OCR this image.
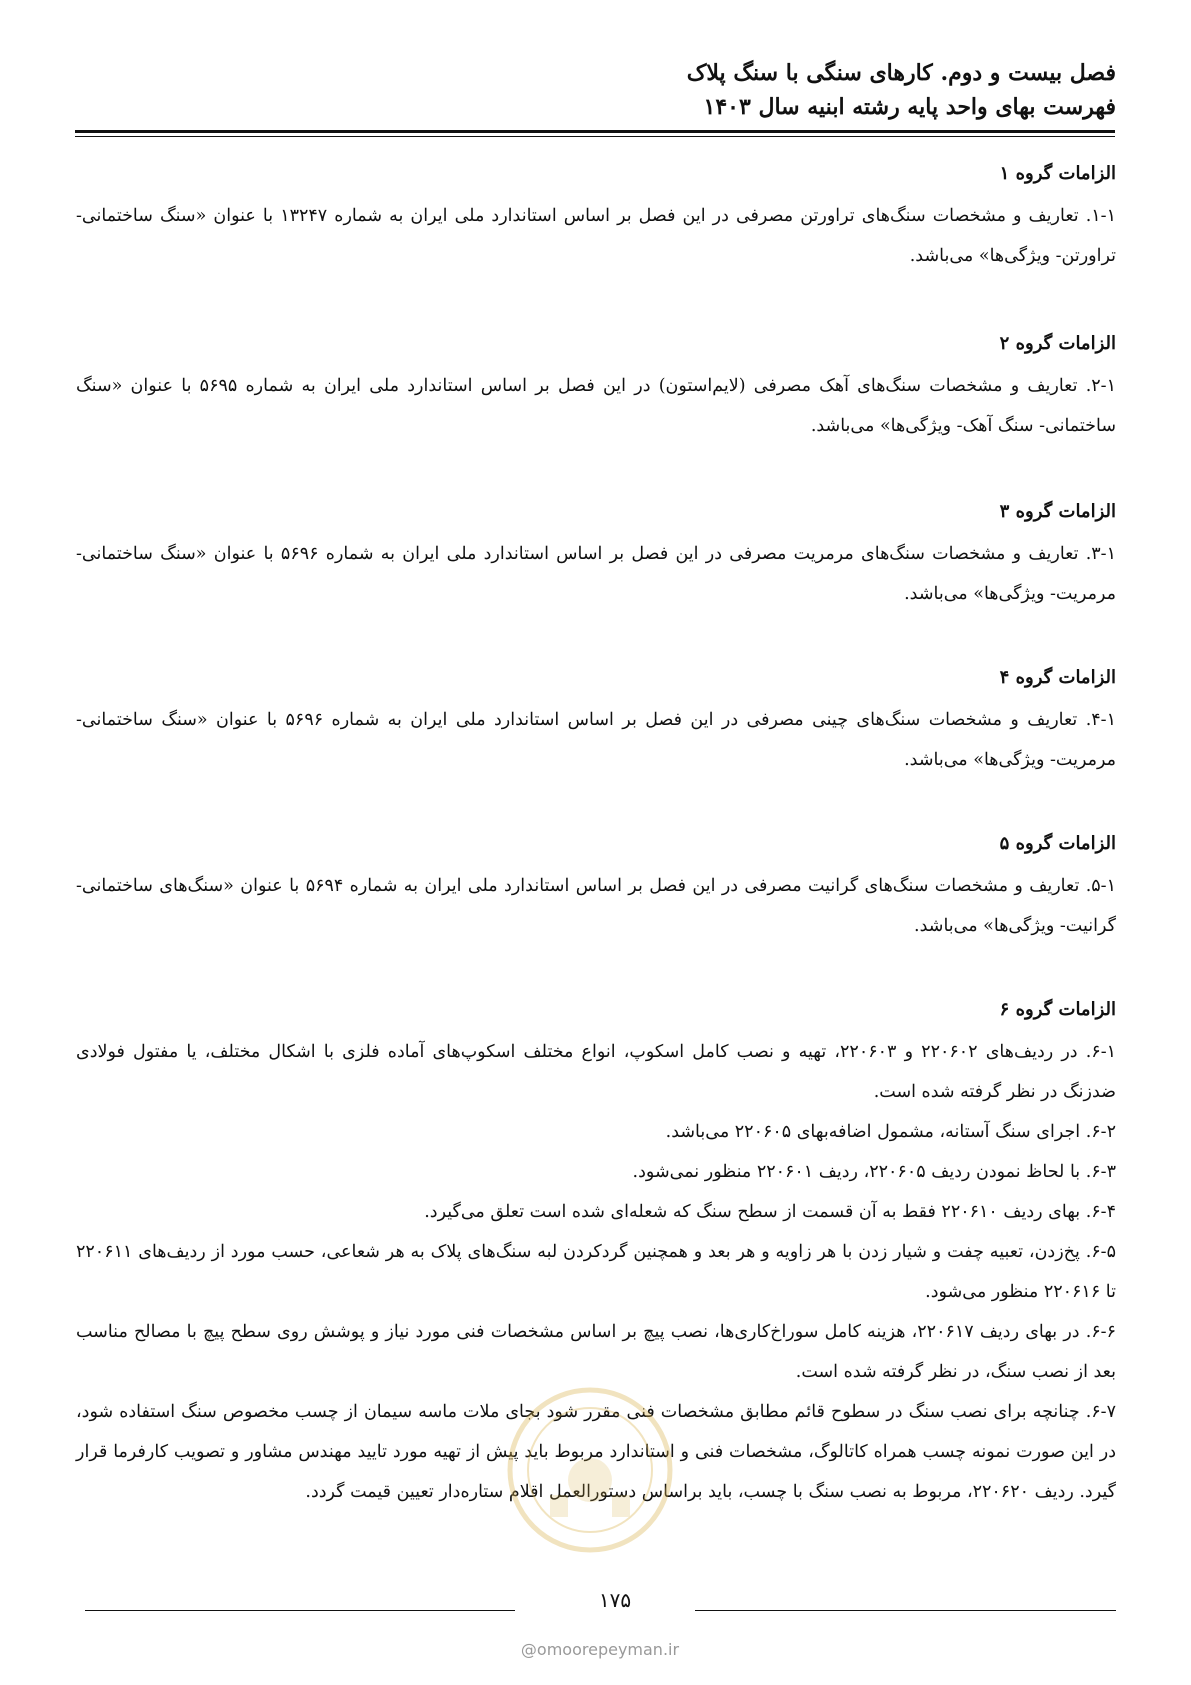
فصل بیست و دوم. کارهای سنگی با سنگ پلاک
فهرست بهای واحد پایه رشته ابنیه سال ۱۴۰۳
الزامات گروه ۱

۱-۱. تعاریف و مشخصات سنگ‌های تراورتن مصرفی در این فصل بر اساس استاندارد ملی ایران به شماره ۱۳۲۴۷ با عنوان «سنگ ساختمانی- تراورتن- ویژگی‌ها» می‌باشد.

الزامات گروه ۲

۲-۱. تعاریف و مشخصات سنگ‌های آهک مصرفی (لایم‌استون) در این فصل بر اساس استاندارد ملی ایران به شماره ۵۶۹۵ با عنوان «سنگ ساختمانی- سنگ آهک- ویژگی‌ها» می‌باشد.

الزامات گروه ۳

۳-۱. تعاریف و مشخصات سنگ‌های مرمریت مصرفی در این فصل بر اساس استاندارد ملی ایران به شماره ۵۶۹۶ با عنوان «سنگ ساختمانی-مرمریت- ویژگی‌ها» می‌باشد.

الزامات گروه ۴

۴-۱. تعاریف و مشخصات سنگ‌های چینی مصرفی در این فصل بر اساس استاندارد ملی ایران به شماره ۵۶۹۶ با عنوان «سنگ ساختمانی- مرمریت- ویژگی‌ها» می‌باشد.

الزامات گروه ۵

۵-۱. تعاریف و مشخصات سنگ‌های گرانیت مصرفی در این فصل بر اساس استاندارد ملی ایران به شماره ۵۶۹۴ با عنوان «سنگ‌های ساختمانی- گرانیت- ویژگی‌ها» می‌باشد.

الزامات گروه ۶

۶-۱. در ردیف‌های ۲۲۰۶۰۲ و ۲۲۰۶۰۳، تهیه و نصب کامل اسکوپ، انواع مختلف اسکوپ‌های آماده فلزی با اشکال مختلف، یا مفتول فولادی ضدزنگ در نظر گرفته شده است.

۶-۲. اجرای سنگ آستانه، مشمول اضافه‌بهای ۲۲۰۶۰۵ می‌باشد.

۶-۳. با لحاظ نمودن ردیف ۲۲۰۶۰۵، ردیف ۲۲۰۶۰۱ منظور نمی‌شود.

۶-۴. بهای ردیف ۲۲۰۶۱۰ فقط به آن قسمت از سطح سنگ که شعله‌ای شده است تعلق می‌گیرد.

۶-۵. پخ‌زدن، تعبیه چفت و شیار زدن با هر زاویه و هر بعد و همچنین گردکردن لبه سنگ‌های پلاک به هر شعاعی، حسب مورد از ردیف‌های ۲۲۰۶۱۱ تا ۲۲۰۶۱۶ منظور می‌شود.

۶-۶. در بهای ردیف ۲۲۰۶۱۷، هزینه کامل سوراخ‌کاری‌ها، نصب پیچ بر اساس مشخصات فنی مورد نیاز و پوشش روی سطح پیچ با مصالح مناسب بعد از نصب سنگ، در نظر گرفته شده است.

۶-۷. چنانچه برای نصب سنگ در سطوح قائم مطابق مشخصات فنی مقرر شود بجای ملات ماسه سیمان از چسب مخصوص سنگ استفاده شود، در این صورت نمونه چسب همراه کاتالوگ، مشخصات فنی و استاندارد مربوط باید پیش از تهیه مورد تایید مهندس مشاور و تصویب کارفرما قرار گیرد. ردیف ۲۲۰۶۲۰، مربوط به نصب سنگ با چسب، باید براساس دستورالعمل اقلام ستاره‌دار تعیین قیمت گردد.

۱۷۵
@omoorepeyman.ir
